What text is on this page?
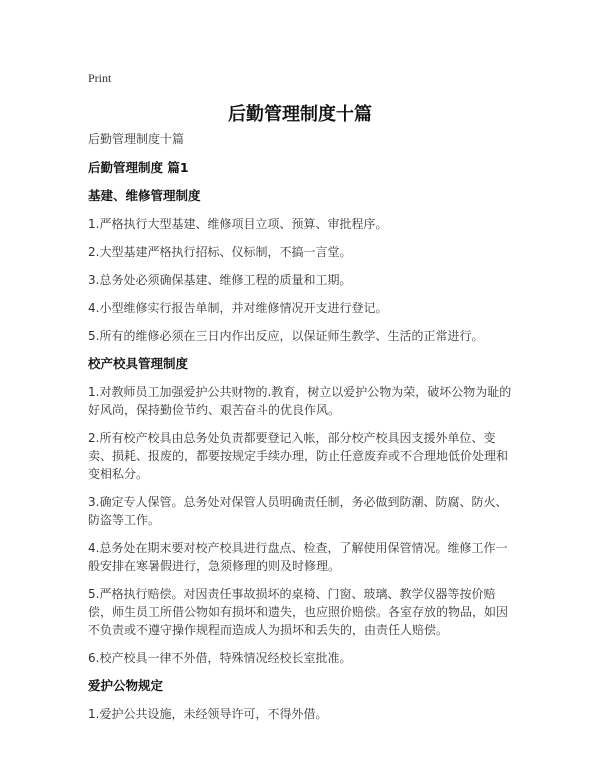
Print
后勤管理制度十篇

后勤管理制度十篇

后勤管理制度 篇1

基建、维修管理制度

1.严格执行大型基建、维修项目立项、预算、审批程序。

2.大型基建严格执行招标、仪标制，不搞一言堂。

3.总务处必须确保基建、维修工程的质量和工期。

4.小型维修实行报告单制，并对维修情况开支进行登记。

5.所有的维修必须在三日内作出反应，以保证师生教学、生活的正常进行。

校产校具管理制度

1.对教师员工加强爱护公共财物的.教育，树立以爱护公物为荣，破坏公物为耻的好风尚，保持勤俭节约、艰苦奋斗的优良作风。

2.所有校产校具由总务处负责都要登记入帐，部分校产校具因支援外单位、变卖、损耗、报废的，都要按规定手续办理，防止任意废弃或不合理地低价处理和变相私分。

3.确定专人保管。总务处对保管人员明确责任制，务必做到防潮、防腐、防火、防盗等工作。

4.总务处在期末要对校产校具进行盘点、检查，了解使用保管情况。维修工作一般安排在寒暑假进行，急须修理的则及时修理。

5.严格执行赔偿。对因责任事故损坏的桌椅、门窗、玻璃、教学仪器等按价赔偿，师生员工所借公物如有损坏和遗失，也应照价赔偿。各室存放的物品，如因不负责或不遵守操作规程而造成人为损坏和丢失的，由责任人赔偿。

6.校产校具一律不外借，特殊情况经校长室批准。

爱护公物规定

1.爱护公共设施，未经领导许可，不得外借。
